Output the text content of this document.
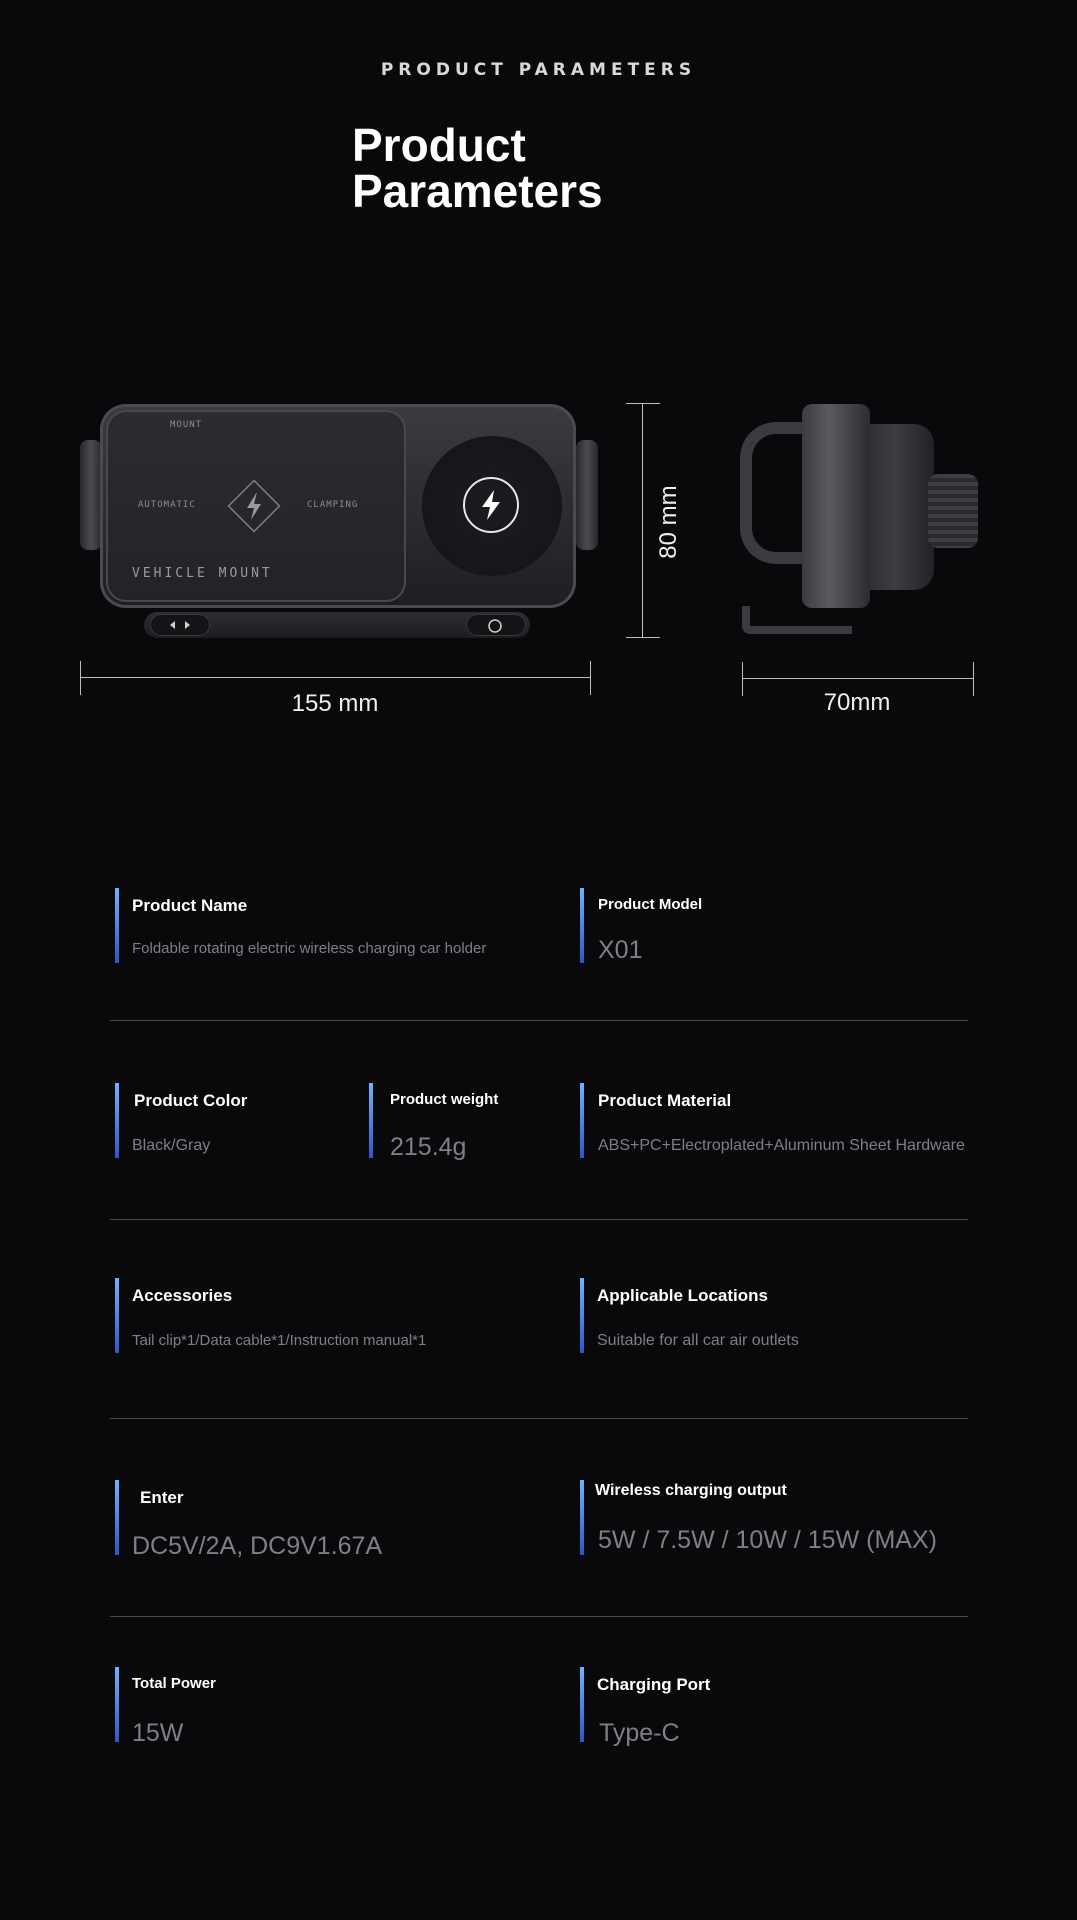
PRODUCT PARAMETERS
Product
Parameters
MOUNT
AUTOMATIC	CLAMPING
VEHICLE MOUNT
80 mm
155 mm	70mm
Product Name
Foldable rotating electric wireless charging car holder
Product Model
X01
Product Color
Black/Gray
Product weight
215.4g
Product Material
ABS+PC+Electroplated+Aluminum Sheet Hardware
Accessories
Tail clip*1/Data cable*1/Instruction manual*1
Applicable Locations
Suitable for all car air outlets
Enter
DC5V/2A, DC9V1.67A
Wireless charging output
5W / 7.5W / 10W / 15W (MAX)
Total Power
15W
Charging Port
Type-C
